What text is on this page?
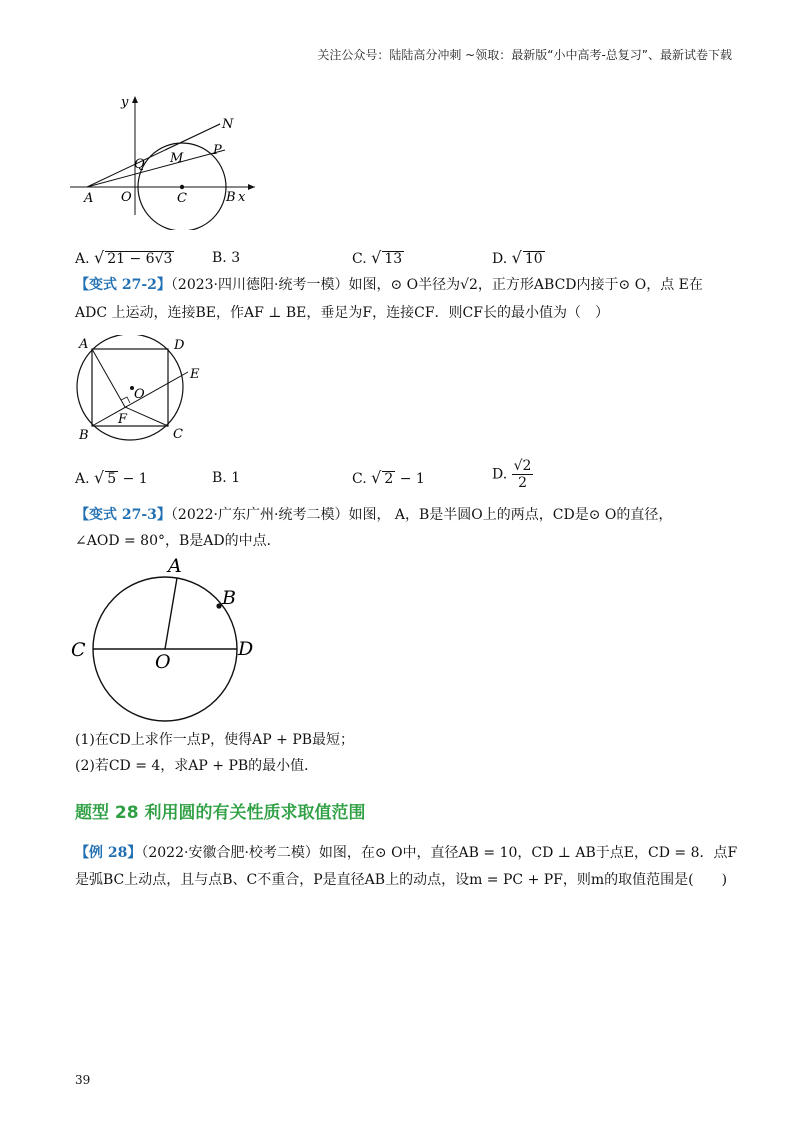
关注公众号：陆陆高分冲刺 ~领取：最新版“小中高考-总复习”、最新试卷下载
y
N
Q M
P
A O	C	B x
A. √ 21 − 6√3	B. 3	C. √ 13	D. √ 10
【变式 27-2】（2023·四川德阳·统考一模）如图，⊙ O半径为√2，正方形ABCD内接于⊙ O，点 E在
ADC 上运动，连接BE，作AF ⊥ BE，垂足为F，连接CF．则CF长的最小值为（　）
A	D
E
O
F
B	C
A. √ 5 − 1	B. 1	C. √ 2 − 1	D. $\frac{√2}{2}$
【变式 27-3】（2022·广东广州·统考二模）如图， A，B是半圆O上的两点，CD是⊙ O的直径，
∠AOD = 80°，B是AD的中点．
A
B
C
O
D
(1)在CD上求作一点P，使得AP + PB最短；
(2)若CD = 4，求AP + PB的最小值．
题型 28 利用圆的有关性质求取值范围
【例 28】（2022·安徽合肥·校考二模）如图，在⊙ O中，直径AB = 10，CD ⊥ AB于点E，CD = 8．点F
是弧BC上动点，且与点B、C不重合，P是直径AB上的动点，设m = PC + PF，则m的取值范围是(　　)
39
